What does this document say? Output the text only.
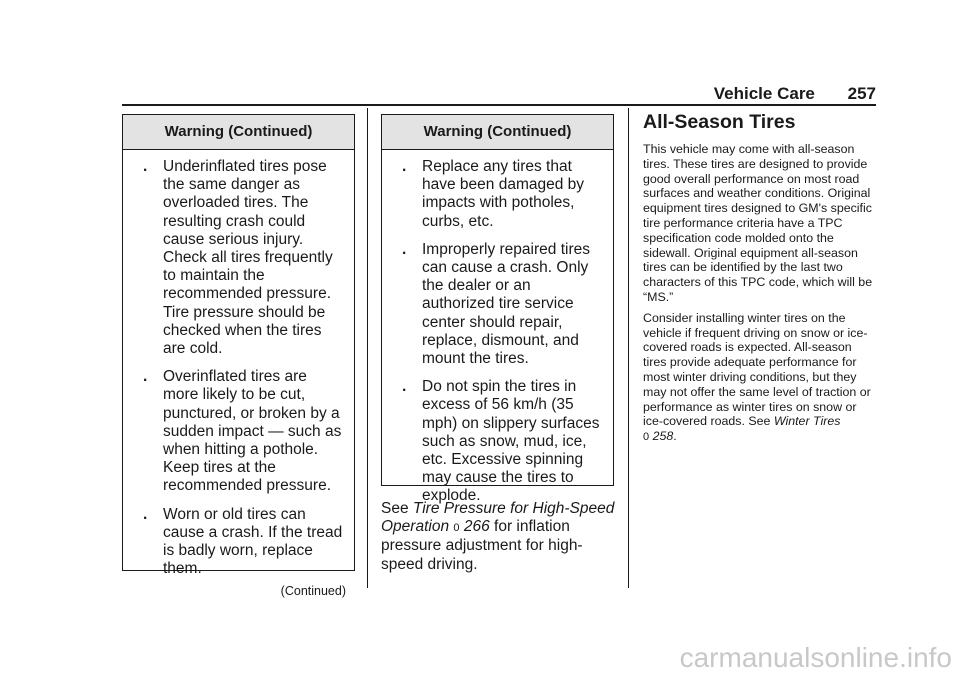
Vehicle Care 257
Warning (Continued)
. Underinflated tires pose the same danger as overloaded tires. The resulting crash could cause serious injury. Check all tires frequently to maintain the recommended pressure. Tire pressure should be checked when the tires are cold.
. Overinflated tires are more likely to be cut, punctured, or broken by a sudden impact — such as when hitting a pothole. Keep tires at the recommended pressure.
. Worn or old tires can cause a crash. If the tread is badly worn, replace them.
(Continued)
Warning (Continued)
. Replace any tires that have been damaged by impacts with potholes, curbs, etc.
. Improperly repaired tires can cause a crash. Only the dealer or an authorized tire service center should repair, replace, dismount, and mount the tires.
. Do not spin the tires in excess of 56 km/h (35 mph) on slippery surfaces such as snow, mud, ice, etc. Excessive spinning may cause the tires to explode.
See Tire Pressure for High-Speed Operation 0 266 for inflation pressure adjustment for high-speed driving.
All-Season Tires

This vehicle may come with all-season tires. These tires are designed to provide good overall performance on most road surfaces and weather conditions. Original equipment tires designed to GM's specific tire performance criteria have a TPC specification code molded onto the sidewall. Original equipment all-season tires can be identified by the last two characters of this TPC code, which will be “MS.”

Consider installing winter tires on the vehicle if frequent driving on snow or ice-covered roads is expected. All-season tires provide adequate performance for most winter driving conditions, but they may not offer the same level of traction or performance as winter tires on snow or ice-covered roads. See Winter Tires 0 258.

carmanualsonline.info
